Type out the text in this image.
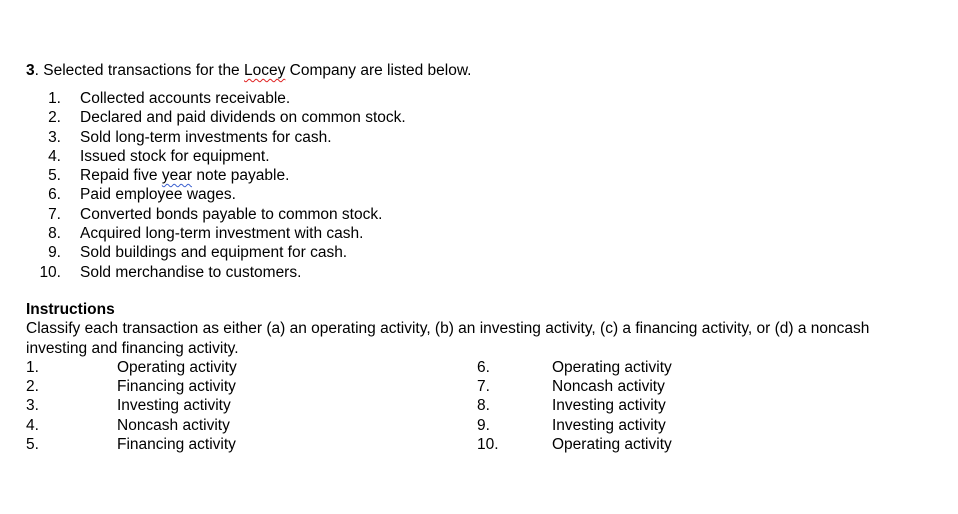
3. Selected transactions for the Locey Company are listed below.
1. Collected accounts receivable.
2. Declared and paid dividends on common stock.
3. Sold long-term investments for cash.
4. Issued stock for equipment.
5. Repaid five year note payable.
6. Paid employee wages.
7. Converted bonds payable to common stock.
8. Acquired long-term investment with cash.
9. Sold buildings and equipment for cash.
10. Sold merchandise to customers.
Instructions
Classify each transaction as either (a) an operating activity, (b) an investing activity, (c) a financing activity, or (d) a noncash investing and financing activity.
1.	Operating activity
2.	Financing activity
3.	Investing activity
4.	Noncash activity
5.	Financing activity
6.	Operating activity
7.	Noncash activity
8.	Investing activity
9.	Investing activity
10.	Operating activity
